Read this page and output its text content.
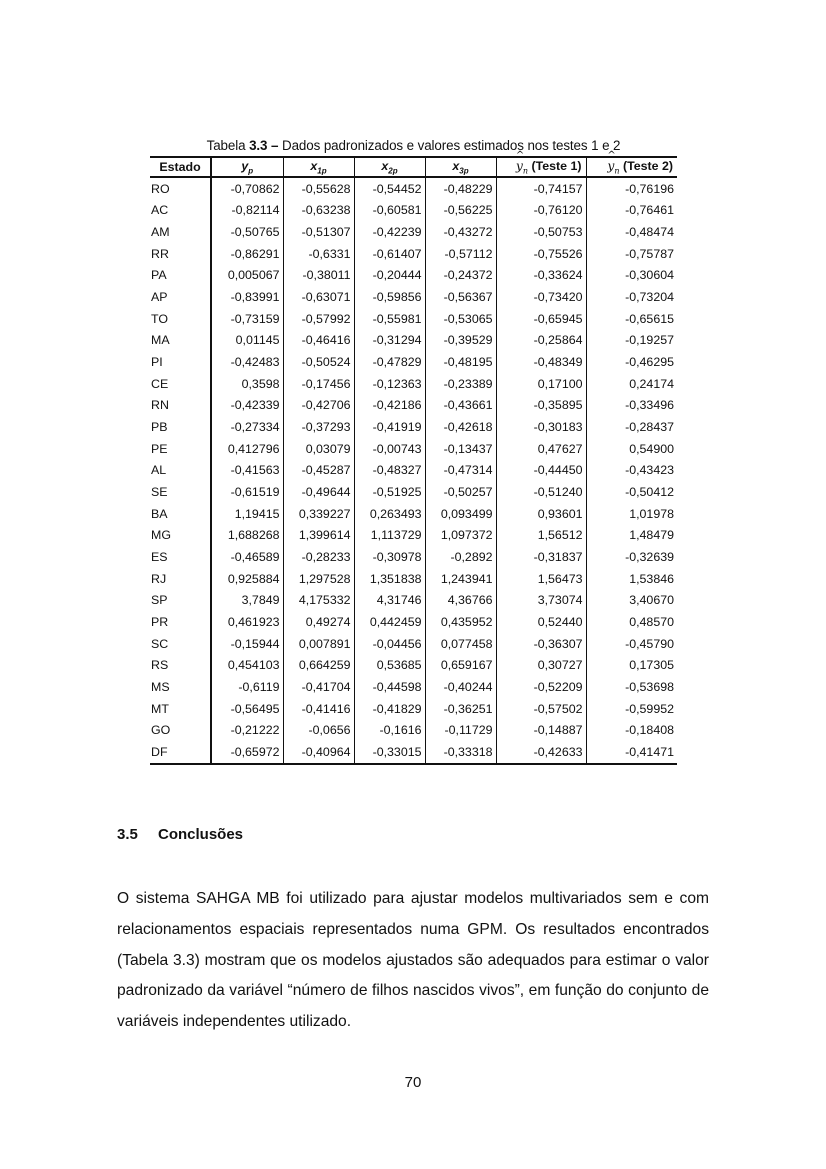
Tabela 3.3 – Dados padronizados e valores estimados nos testes 1 e 2
Estado	$y_p$	$x_{1p}$	$x_{2p}$	$x_{3p}$	^ $y_n$ (Teste 1)	^ $y_n$ (Teste 2)
RO	-0,70862	-0,55628	-0,54452	-0,48229	-0,74157	-0,76196
AC	-0,82114	-0,63238	-0,60581	-0,56225	-0,76120	-0,76461
AM	-0,50765	-0,51307	-0,42239	-0,43272	-0,50753	-0,48474
RR	-0,86291	-0,6331	-0,61407	-0,57112	-0,75526	-0,75787
PA	0,005067	-0,38011	-0,20444	-0,24372	-0,33624	-0,30604
AP	-0,83991	-0,63071	-0,59856	-0,56367	-0,73420	-0,73204
TO	-0,73159	-0,57992	-0,55981	-0,53065	-0,65945	-0,65615
MA	0,01145	-0,46416	-0,31294	-0,39529	-0,25864	-0,19257
PI	-0,42483	-0,50524	-0,47829	-0,48195	-0,48349	-0,46295
CE	0,3598	-0,17456	-0,12363	-0,23389	0,17100	0,24174
RN	-0,42339	-0,42706	-0,42186	-0,43661	-0,35895	-0,33496
PB	-0,27334	-0,37293	-0,41919	-0,42618	-0,30183	-0,28437
PE	0,412796	0,03079	-0,00743	-0,13437	0,47627	0,54900
AL	-0,41563	-0,45287	-0,48327	-0,47314	-0,44450	-0,43423
SE	-0,61519	-0,49644	-0,51925	-0,50257	-0,51240	-0,50412
BA	1,19415	0,339227	0,263493	0,093499	0,93601	1,01978
MG	1,688268	1,399614	1,113729	1,097372	1,56512	1,48479
ES	-0,46589	-0,28233	-0,30978	-0,2892	-0,31837	-0,32639
RJ	0,925884	1,297528	1,351838	1,243941	1,56473	1,53846
SP	3,7849	4,175332	4,31746	4,36766	3,73074	3,40670
PR	0,461923	0,49274	0,442459	0,435952	0,52440	0,48570
SC	-0,15944	0,007891	-0,04456	0,077458	-0,36307	-0,45790
RS	0,454103	0,664259	0,53685	0,659167	0,30727	0,17305
MS	-0,6119	-0,41704	-0,44598	-0,40244	-0,52209	-0,53698
MT	-0,56495	-0,41416	-0,41829	-0,36251	-0,57502	-0,59952
GO	-0,21222	-0,0656	-0,1616	-0,11729	-0,14887	-0,18408
DF	-0,65972	-0,40964	-0,33015	-0,33318	-0,42633	-0,41471
3.5 Conclusões
O sistema SAHGA MB foi utilizado para ajustar modelos multivariados sem e com relacionamentos espaciais representados numa GPM. Os resultados encontrados (Tabela 3.3) mostram que os modelos ajustados são adequados para estimar o valor padronizado da variável “número de filhos nascidos vivos”, em função do conjunto de variáveis independentes utilizado.
70
